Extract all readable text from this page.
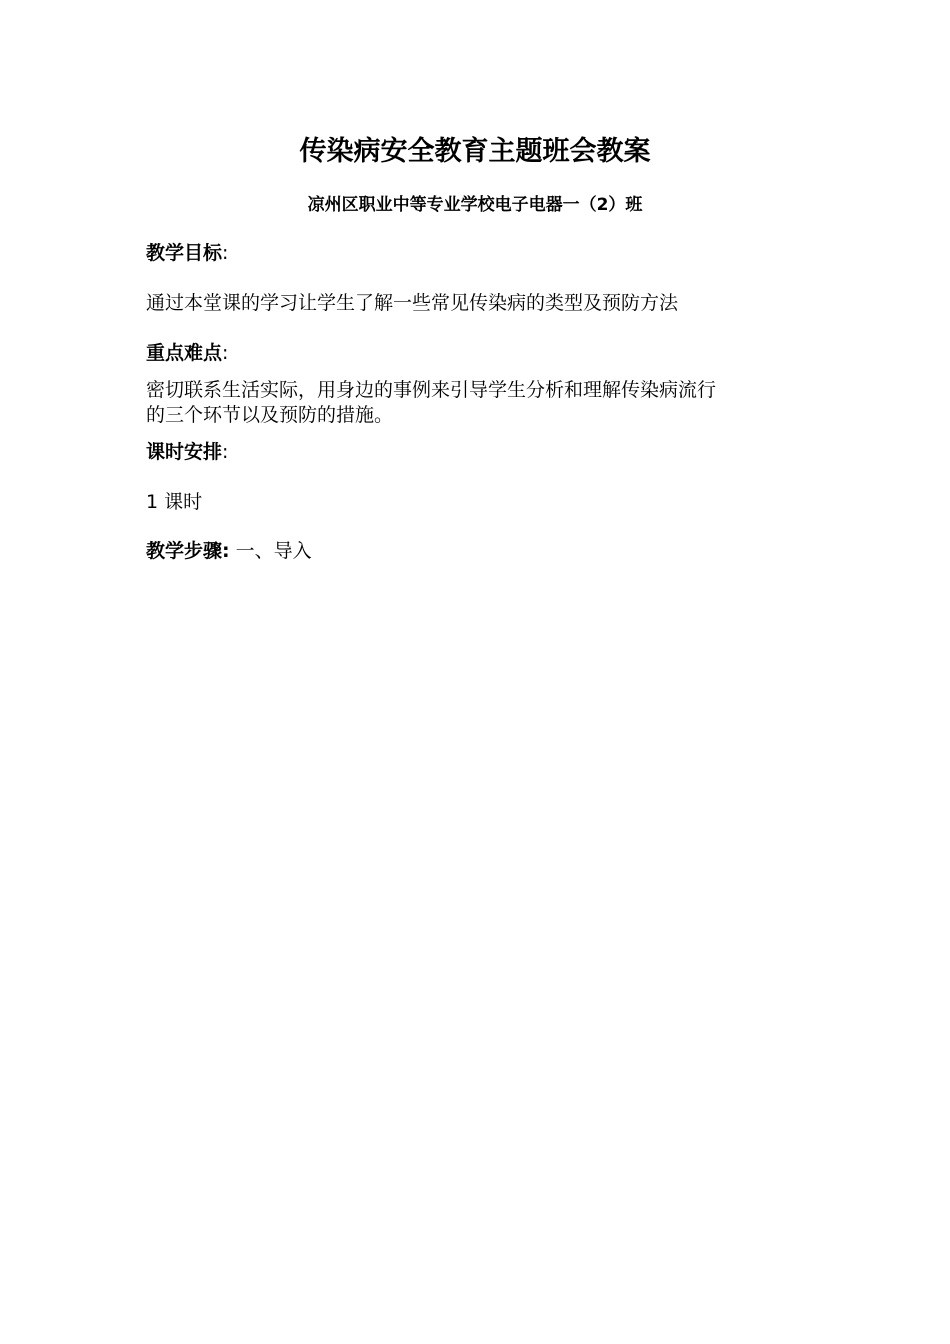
传染病安全教育主题班会教案
凉州区职业中等专业学校电子电器一（2）班
教学目标:
通过本堂课的学习让学生了解一些常见传染病的类型及预防方法
重点难点:
密切联系生活实际，用身边的事例来引导学生分析和理解传染病流行
的三个环节以及预防的措施。
课时安排:
1 课时
教学步骤: 一、导入
